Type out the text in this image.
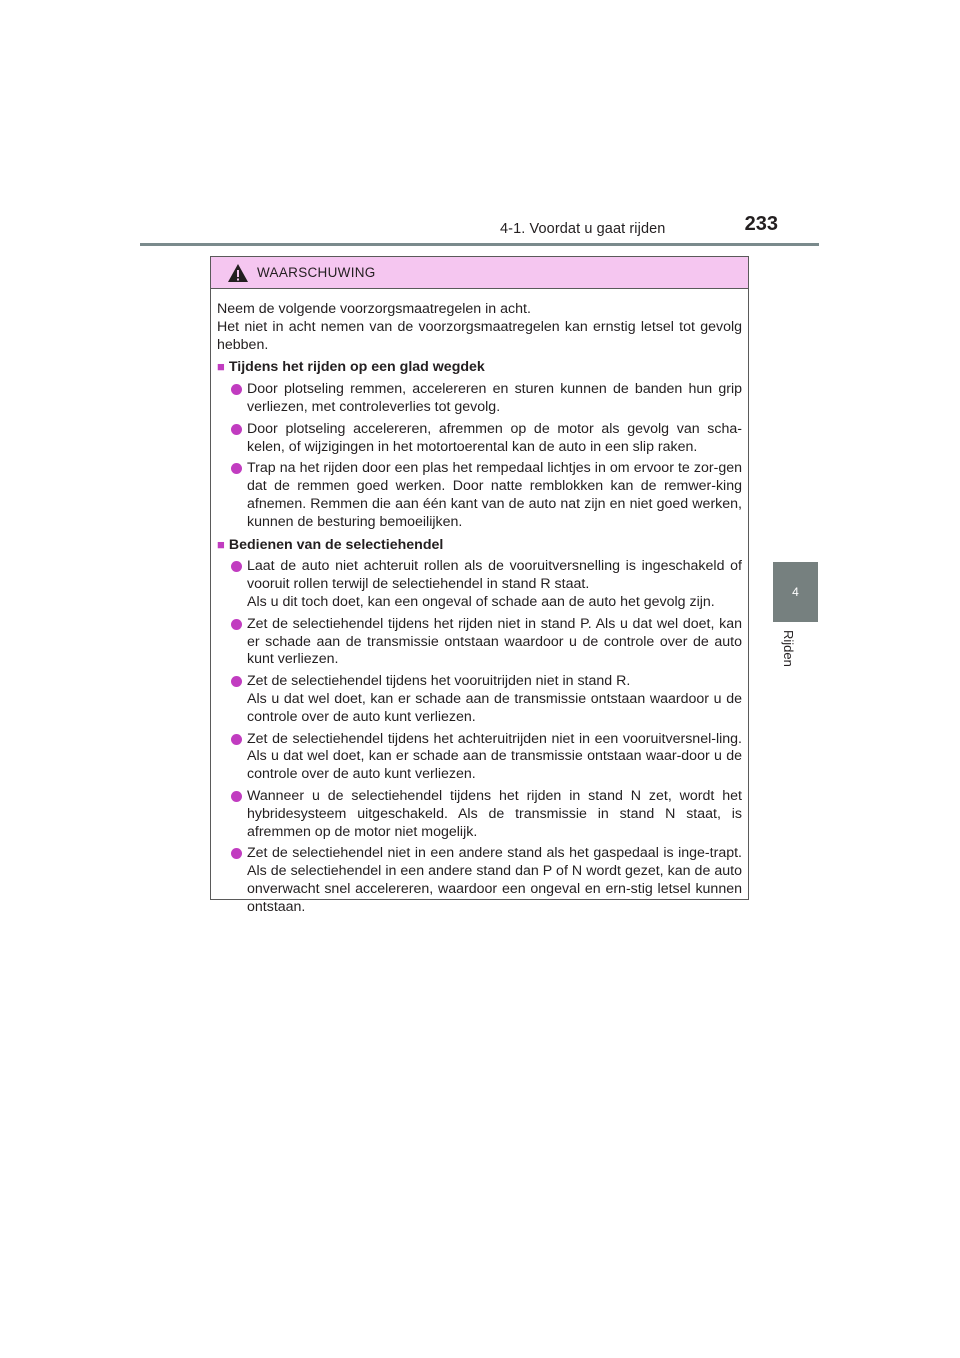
4-1. Voordat u gaat rijden	233
4
Rijden
WAARSCHUWING

Neem de volgende voorzorgsmaatregelen in acht.

Het niet in acht nemen van de voorzorgsmaatregelen kan ernstig letsel tot gevolg hebben.

■ Tijdens het rijden op een glad wegdek
Door plotseling remmen, accelereren en sturen kunnen de banden hun grip verliezen, met controleverlies tot gevolg.
Door plotseling accelereren, afremmen op de motor als gevolg van scha-kelen, of wijzigingen in het motortoerental kan de auto in een slip raken.
Trap na het rijden door een plas het rempedaal lichtjes in om ervoor te zor-gen dat de remmen goed werken. Door natte remblokken kan de remwer-king afnemen. Remmen die aan één kant van de auto nat zijn en niet goed werken, kunnen de besturing bemoeilijken.
■ Bedienen van de selectiehendel
Laat de auto niet achteruit rollen als de vooruitversnelling is ingeschakeld of vooruit rollen terwijl de selectiehendel in stand R staat.
Als u dit toch doet, kan een ongeval of schade aan de auto het gevolg zijn.
Zet de selectiehendel tijdens het rijden niet in stand P. Als u dat wel doet, kan er schade aan de transmissie ontstaan waardoor u de controle over de auto kunt verliezen.
Zet de selectiehendel tijdens het vooruitrijden niet in stand R.
Als u dat wel doet, kan er schade aan de transmissie ontstaan waardoor u de controle over de auto kunt verliezen.
Zet de selectiehendel tijdens het achteruitrijden niet in een vooruitversnel-ling. Als u dat wel doet, kan er schade aan de transmissie ontstaan waar-door u de controle over de auto kunt verliezen.
Wanneer u de selectiehendel tijdens het rijden in stand N zet, wordt het hybridesysteem uitgeschakeld. Als de transmissie in stand N staat, is afremmen op de motor niet mogelijk.
Zet de selectiehendel niet in een andere stand als het gaspedaal is inge-trapt. Als de selectiehendel in een andere stand dan P of N wordt gezet, kan de auto onverwacht snel accelereren, waardoor een ongeval en ern-stig letsel kunnen ontstaan.
